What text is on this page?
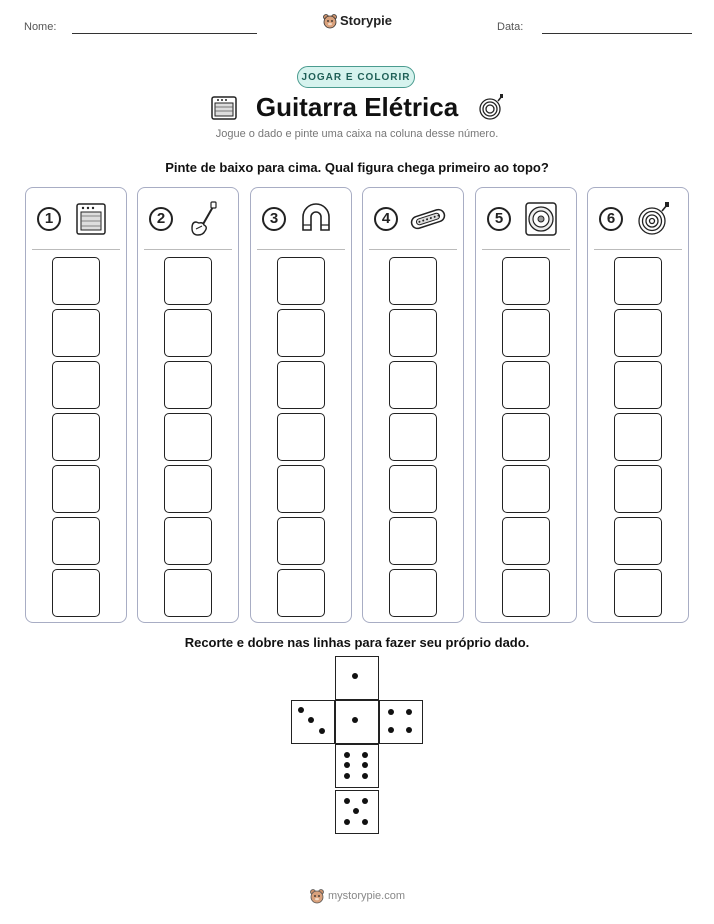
Nome:	Storypie	Data:
JOGAR E COLORIR
Guitarra Elétrica
Jogue o dado e pinte uma caixa na coluna desse número.
Pinte de baixo para cima. Qual figura chega primeiro ao topo?
1	2	3	4	5	6
Recorte e dobre nas linhas para fazer seu próprio dado.
mystorypie.com
